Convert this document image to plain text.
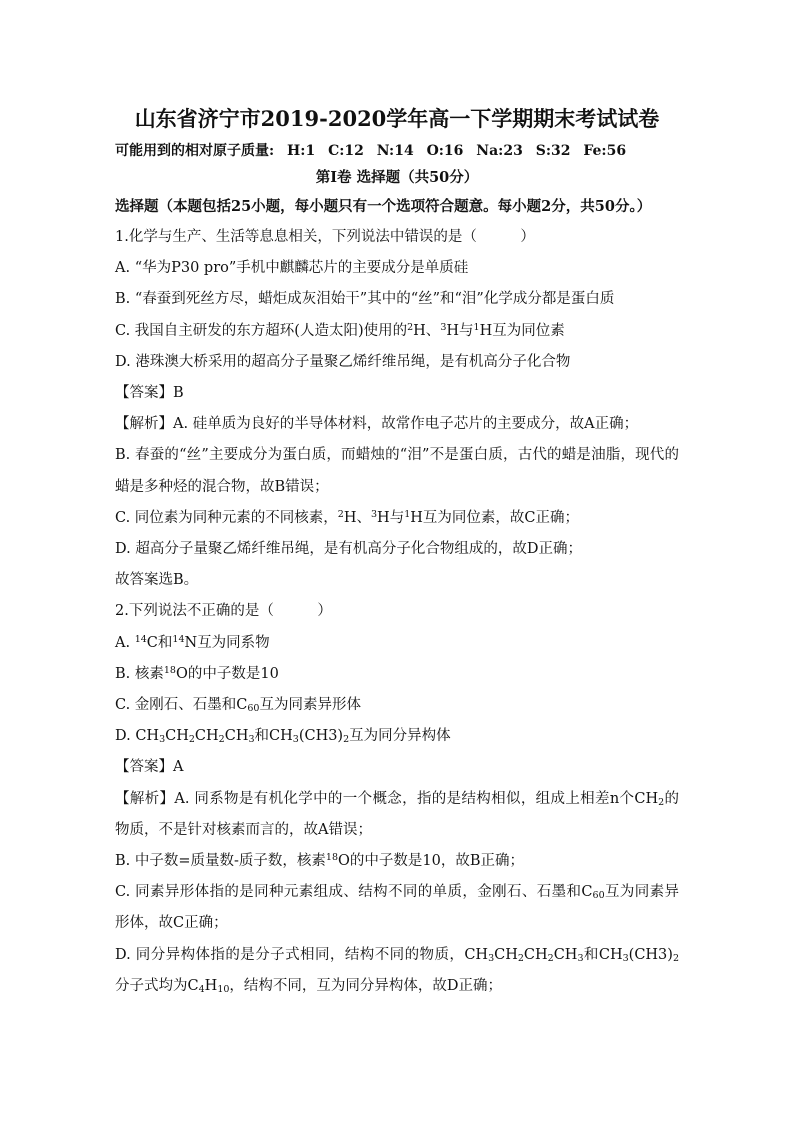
山东省济宁市2019-2020学年高一下学期期末考试试卷
可能用到的相对原子质量: H:1 C:12 N:14 O:16 Na:23 S:32 Fe:56
第Ⅰ卷 选择题（共50分）
选择题（本题包括25小题，每小题只有一个选项符合题意。每小题2分，共50分。）
1.化学与生产、生活等息息相关，下列说法中错误的是（　　　）
A. “华为P30 pro”手机中麒麟芯片的主要成分是单质硅
B. “春蚕到死丝方尽，蜡炬成灰泪始干”其中的“丝”和“泪”化学成分都是蛋白质
C. 我国自主研发的东方超环(人造太阳)使用的$^2$H、$^3$H与$^1$H互为同位素
D. 港珠澳大桥采用的超高分子量聚乙烯纤维吊绳，是有机高分子化合物
【答案】B
【解析】A. 硅单质为良好的半导体材料，故常作电子芯片的主要成分，故A正确；
B. 春蚕的“丝”主要成分为蛋白质，而蜡烛的“泪”不是蛋白质，古代的蜡是油脂，现代的蜡是多种烃的混合物，故B错误；
C. 同位素为同种元素的不同核素，$^2$H、$^3$H与$^1$H互为同位素，故C正确；
D. 超高分子量聚乙烯纤维吊绳，是有机高分子化合物组成的，故D正确；
故答案选B。
2.下列说法不正确的是（　　　）
A. $^{14}$C和$^{14}$N互为同系物
B. 核素$^{18}$O的中子数是10
C. 金刚石、石墨和$C_{60}$互为同素异形体
D. $CH_3CH_2CH_2CH_3$和$CH_3(CH3)_2$互为同分异构体
【答案】A
【解析】A. 同系物是有机化学中的一个概念，指的是结构相似，组成上相差n个$CH_2$的物质，不是针对核素而言的，故A错误；
B. 中子数=质量数-质子数，核素$^{18}$O的中子数是10，故B正确；
C. 同素异形体指的是同种元素组成、结构不同的单质，金刚石、石墨和$C_{60}$互为同素异形体，故C正确；
D. 同分异构体指的是分子式相同，结构不同的物质，$CH_3CH_2CH_2CH_3$和$CH_3(CH3)_2$分子式均为$C_4H_{10}$，结构不同，互为同分异构体，故D正确；
